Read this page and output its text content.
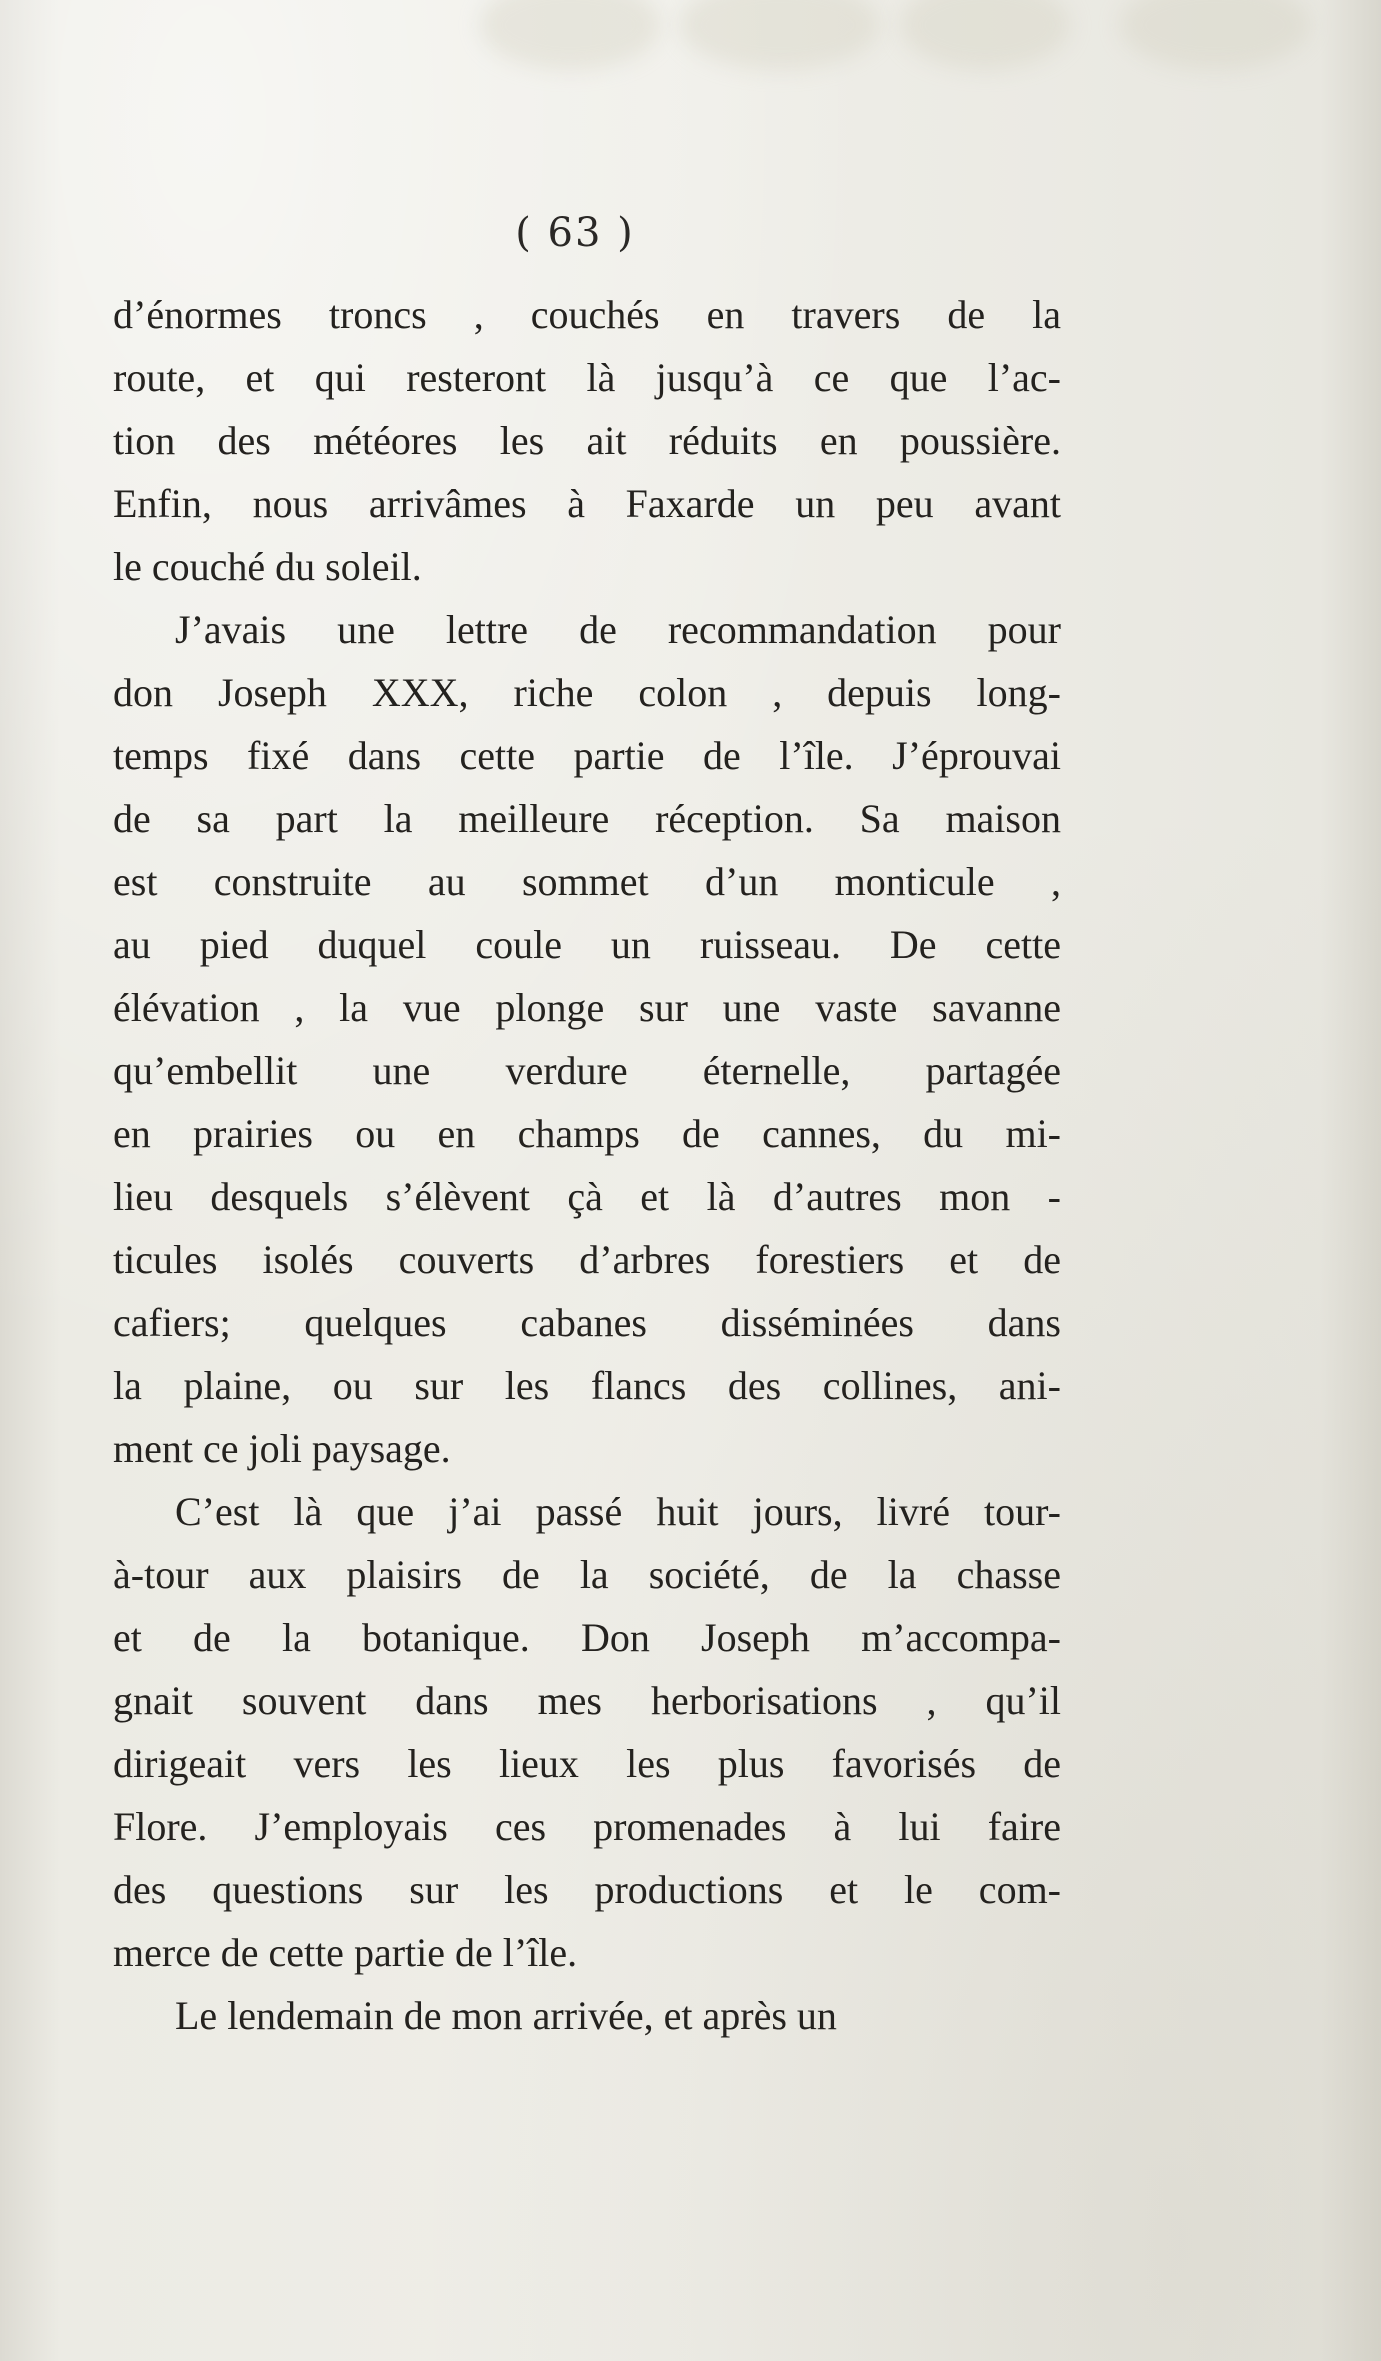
( 63 )
d’énormes troncs , couchés en travers de la
route, et qui resteront là jusqu’à ce que l’ac-
tion des météores les ait réduits en poussière.
Enfin, nous arrivâmes à Faxarde un peu avant
le couché du soleil.
J’avais une lettre de recommandation pour
don Joseph XXX, riche colon , depuis long-
temps fixé dans cette partie de l’île. J’éprouvai
de sa part la meilleure réception. Sa maison
est construite au sommet d’un monticule ,
au pied duquel coule un ruisseau. De cette
élévation , la vue plonge sur une vaste savanne
qu’embellit une verdure éternelle, partagée
en prairies ou en champs de cannes, du mi-
lieu desquels s’élèvent çà et là d’autres mon -
ticules isolés couverts d’arbres forestiers et de
cafiers; quelques cabanes disséminées dans
la plaine, ou sur les flancs des collines, ani-
ment ce joli paysage.
C’est là que j’ai passé huit jours, livré tour-
à-tour aux plaisirs de la société, de la chasse
et de la botanique. Don Joseph m’accompa-
gnait souvent dans mes herborisations , qu’il
dirigeait vers les lieux les plus favorisés de
Flore. J’employais ces promenades à lui faire
des questions sur les productions et le com-
merce de cette partie de l’île.
Le lendemain de mon arrivée, et après un
